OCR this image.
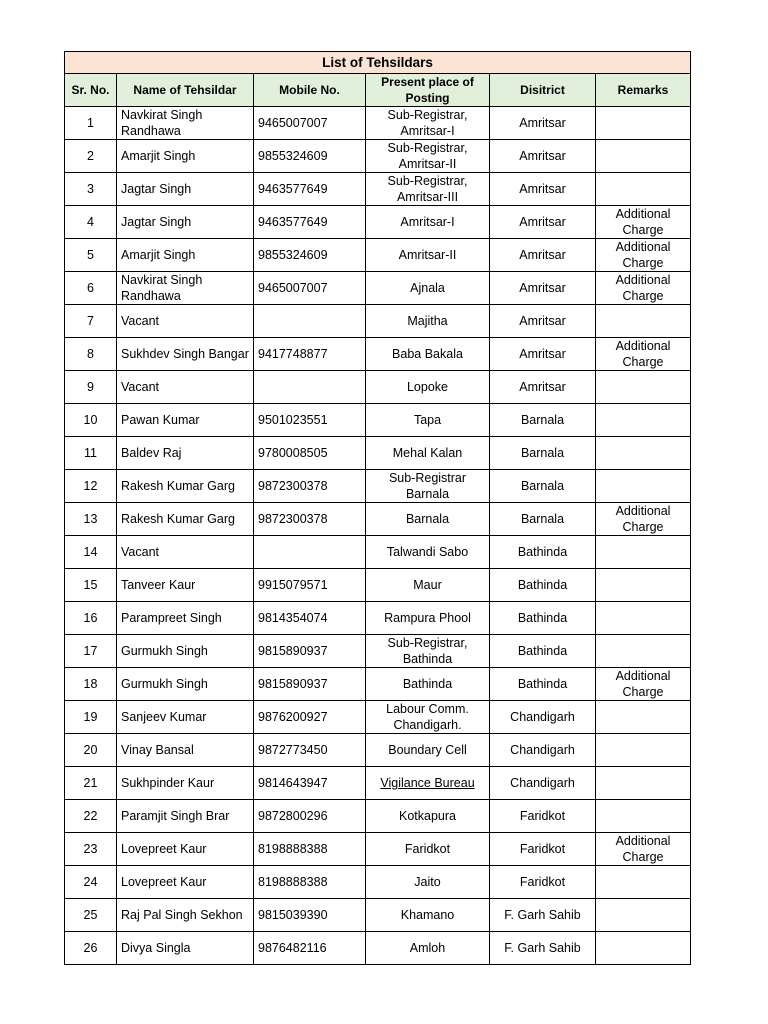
List of Tehsildars					
Sr. No.	Name of Tehsildar	Mobile No.	Present place of Posting	Disitrict	Remarks
1	Navkirat Singh Randhawa	9465007007	Sub-Registrar, Amritsar-I	Amritsar	
2	Amarjit Singh	9855324609	Sub-Registrar, Amritsar-II	Amritsar	
3	Jagtar Singh	9463577649	Sub-Registrar, Amritsar-III	Amritsar	
4	Jagtar Singh	9463577649	Amritsar-I	Amritsar	Additional Charge
5	Amarjit Singh	9855324609	Amritsar-II	Amritsar	Additional Charge
6	Navkirat Singh Randhawa	9465007007	Ajnala	Amritsar	Additional Charge
7	Vacant		Majitha	Amritsar	
8	Sukhdev Singh Bangar	9417748877	Baba Bakala	Amritsar	Additional Charge
9	Vacant		Lopoke	Amritsar	
10	Pawan Kumar	9501023551	Tapa	Barnala	
11	Baldev Raj	9780008505	Mehal Kalan	Barnala	
12	Rakesh Kumar Garg	9872300378	Sub-Registrar Barnala	Barnala	
13	Rakesh Kumar Garg	9872300378	Barnala	Barnala	Additional Charge
14	Vacant		Talwandi Sabo	Bathinda	
15	Tanveer Kaur	9915079571	Maur	Bathinda	
16	Parampreet Singh	9814354074	Rampura Phool	Bathinda	
17	Gurmukh Singh	9815890937	Sub-Registrar, Bathinda	Bathinda	
18	Gurmukh Singh	9815890937	Bathinda	Bathinda	Additional Charge
19	Sanjeev Kumar	9876200927	Labour Comm. Chandigarh.	Chandigarh	
20	Vinay Bansal	9872773450	Boundary Cell	Chandigarh	
21	Sukhpinder Kaur	9814643947	Vigilance Bureau	Chandigarh	
22	Paramjit Singh Brar	9872800296	Kotkapura	Faridkot	
23	Lovepreet Kaur	8198888388	Faridkot	Faridkot	Additional Charge
24	Lovepreet Kaur	8198888388	Jaito	Faridkot	
25	Raj Pal Singh Sekhon	9815039390	Khamano	F. Garh Sahib	
26	Divya Singla	9876482116	Amloh	F. Garh Sahib	
